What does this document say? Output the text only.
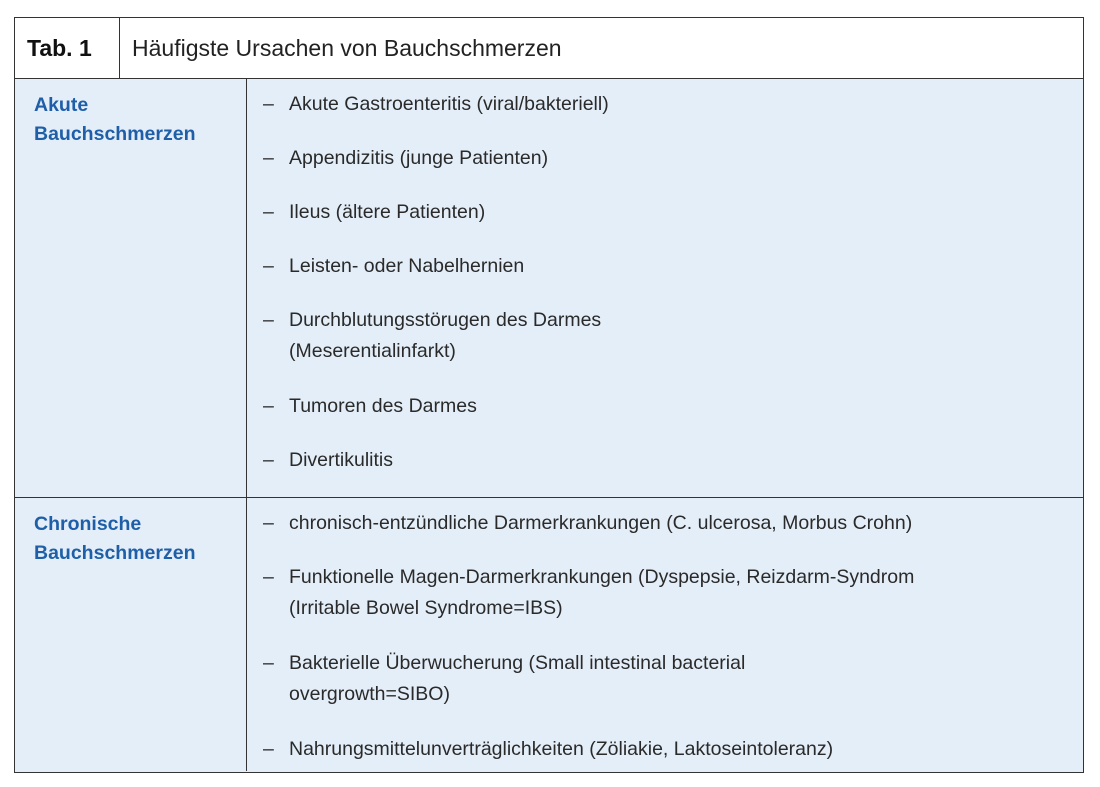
Tab. 1	Häufigste Ursachen von Bauchschmerzen
Akute
Bauchschmerzen
– Akute Gastroenteritis (viral/bakteriell)
– Appendizitis (junge Patienten)
– Ileus (ältere Patienten)
– Leisten- oder Nabelhernien
– Durchblutungsstörugen des Darmes
(Meserentialinfarkt)
– Tumoren des Darmes
– Divertikulitis
Chronische
Bauchschmerzen
– chronisch-entzündliche Darmerkrankungen (C. ulcerosa, Morbus Crohn)
– Funktionelle Magen-Darmerkrankungen (Dyspepsie, Reizdarm-Syndrom
(Irritable Bowel Syndrome=IBS)
– Bakterielle Überwucherung (Small intestinal bacterial
overgrowth=SIBO)
– Nahrungsmittelunverträglichkeiten (Zöliakie, Laktoseintoleranz)
